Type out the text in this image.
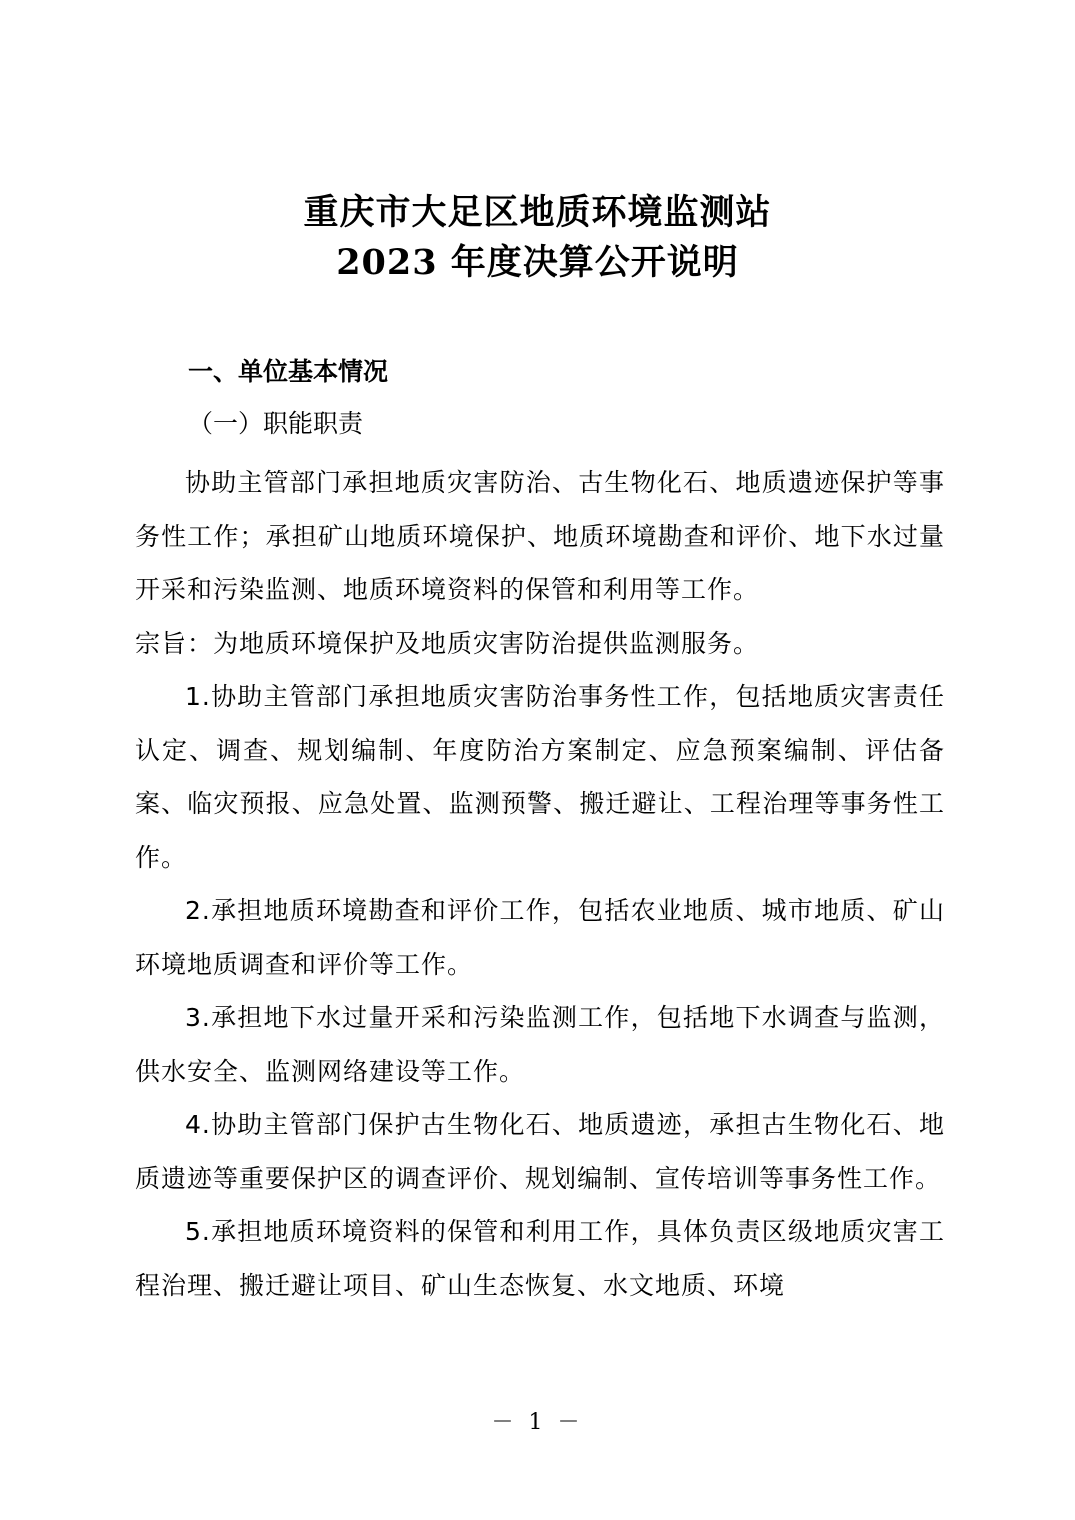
重庆市大足区地质环境监测站
2023 年度决算公开说明
一、单位基本情况
（一）职能职责

协助主管部门承担地质灾害防治、古生物化石、地质遗迹保护等事务性工作；承担矿山地质环境保护、地质环境勘查和评价、地下水过量开采和污染监测、地质环境资料的保管和利用等工作。

宗旨：为地质环境保护及地质灾害防治提供监测服务。

1.协助主管部门承担地质灾害防治事务性工作，包括地质灾害责任认定、调查、规划编制、年度防治方案制定、应急预案编制、评估备案、临灾预报、应急处置、监测预警、搬迁避让、工程治理等事务性工作。

2.承担地质环境勘查和评价工作，包括农业地质、城市地质、矿山环境地质调查和评价等工作。

3.承担地下水过量开采和污染监测工作，包括地下水调查与监测，供水安全、监测网络建设等工作。

4.协助主管部门保护古生物化石、地质遗迹，承担古生物化石、地质遗迹等重要保护区的调查评价、规划编制、宣传培训等事务性工作。

5.承担地质环境资料的保管和利用工作，具体负责区级地质灾害工程治理、搬迁避让项目、矿山生态恢复、水文地质、环境

－ 1 －
